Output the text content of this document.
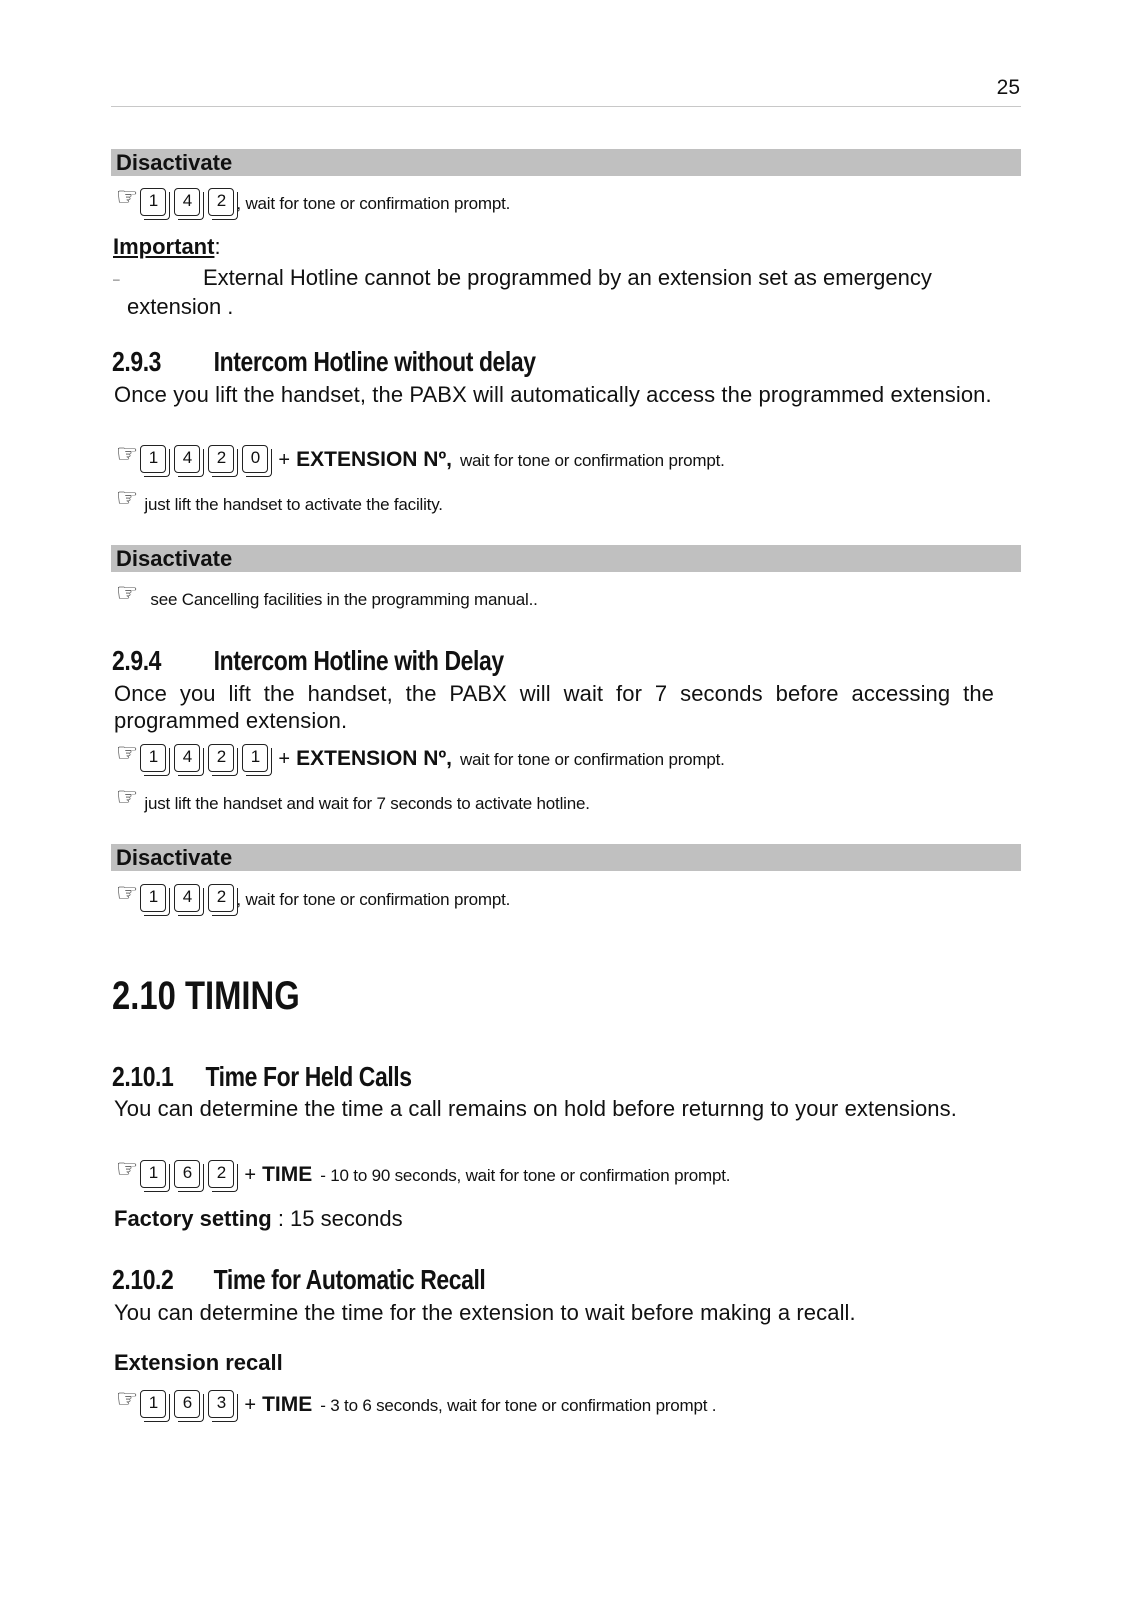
25
Disactivate
☞ 1	4	2 , wait for tone or confirmation prompt.
Important:
–	External Hotline cannot be programmed by an extension set as emergency
extension .
2.9.3 Intercom Hotline without delay
Once you lift the handset, the PABX will automatically access the programmed extension.
☞ 1	4	2	0 + EXTENSION Nº, wait for tone or confirmation prompt.
☞ just lift the handset to activate the facility.
Disactivate
☞ see Cancelling facilities in the programming manual..
2.9.4 Intercom Hotline with Delay
Once you lift the handset, the PABX will wait for 7 seconds before accessing the programmed extension.
☞ 1	4	2	1 + EXTENSION Nº, wait for tone or confirmation prompt.
☞ just lift the handset and wait for 7 seconds to activate hotline.
Disactivate
☞ 1	4	2 , wait for tone or confirmation prompt.
2.10 TIMING
2.10.1 Time For Held Calls
You can determine the time a call remains on hold before returnng to your extensions.
☞ 1	6	2 + TIME - 10 to 90 seconds, wait for tone or confirmation prompt.
Factory setting : 15 seconds
2.10.2 Time for Automatic Recall
You can determine the time for the extension to wait before making a recall.
Extension recall
☞ 1	6	3 + TIME - 3 to 6 seconds, wait for tone or confirmation prompt .
